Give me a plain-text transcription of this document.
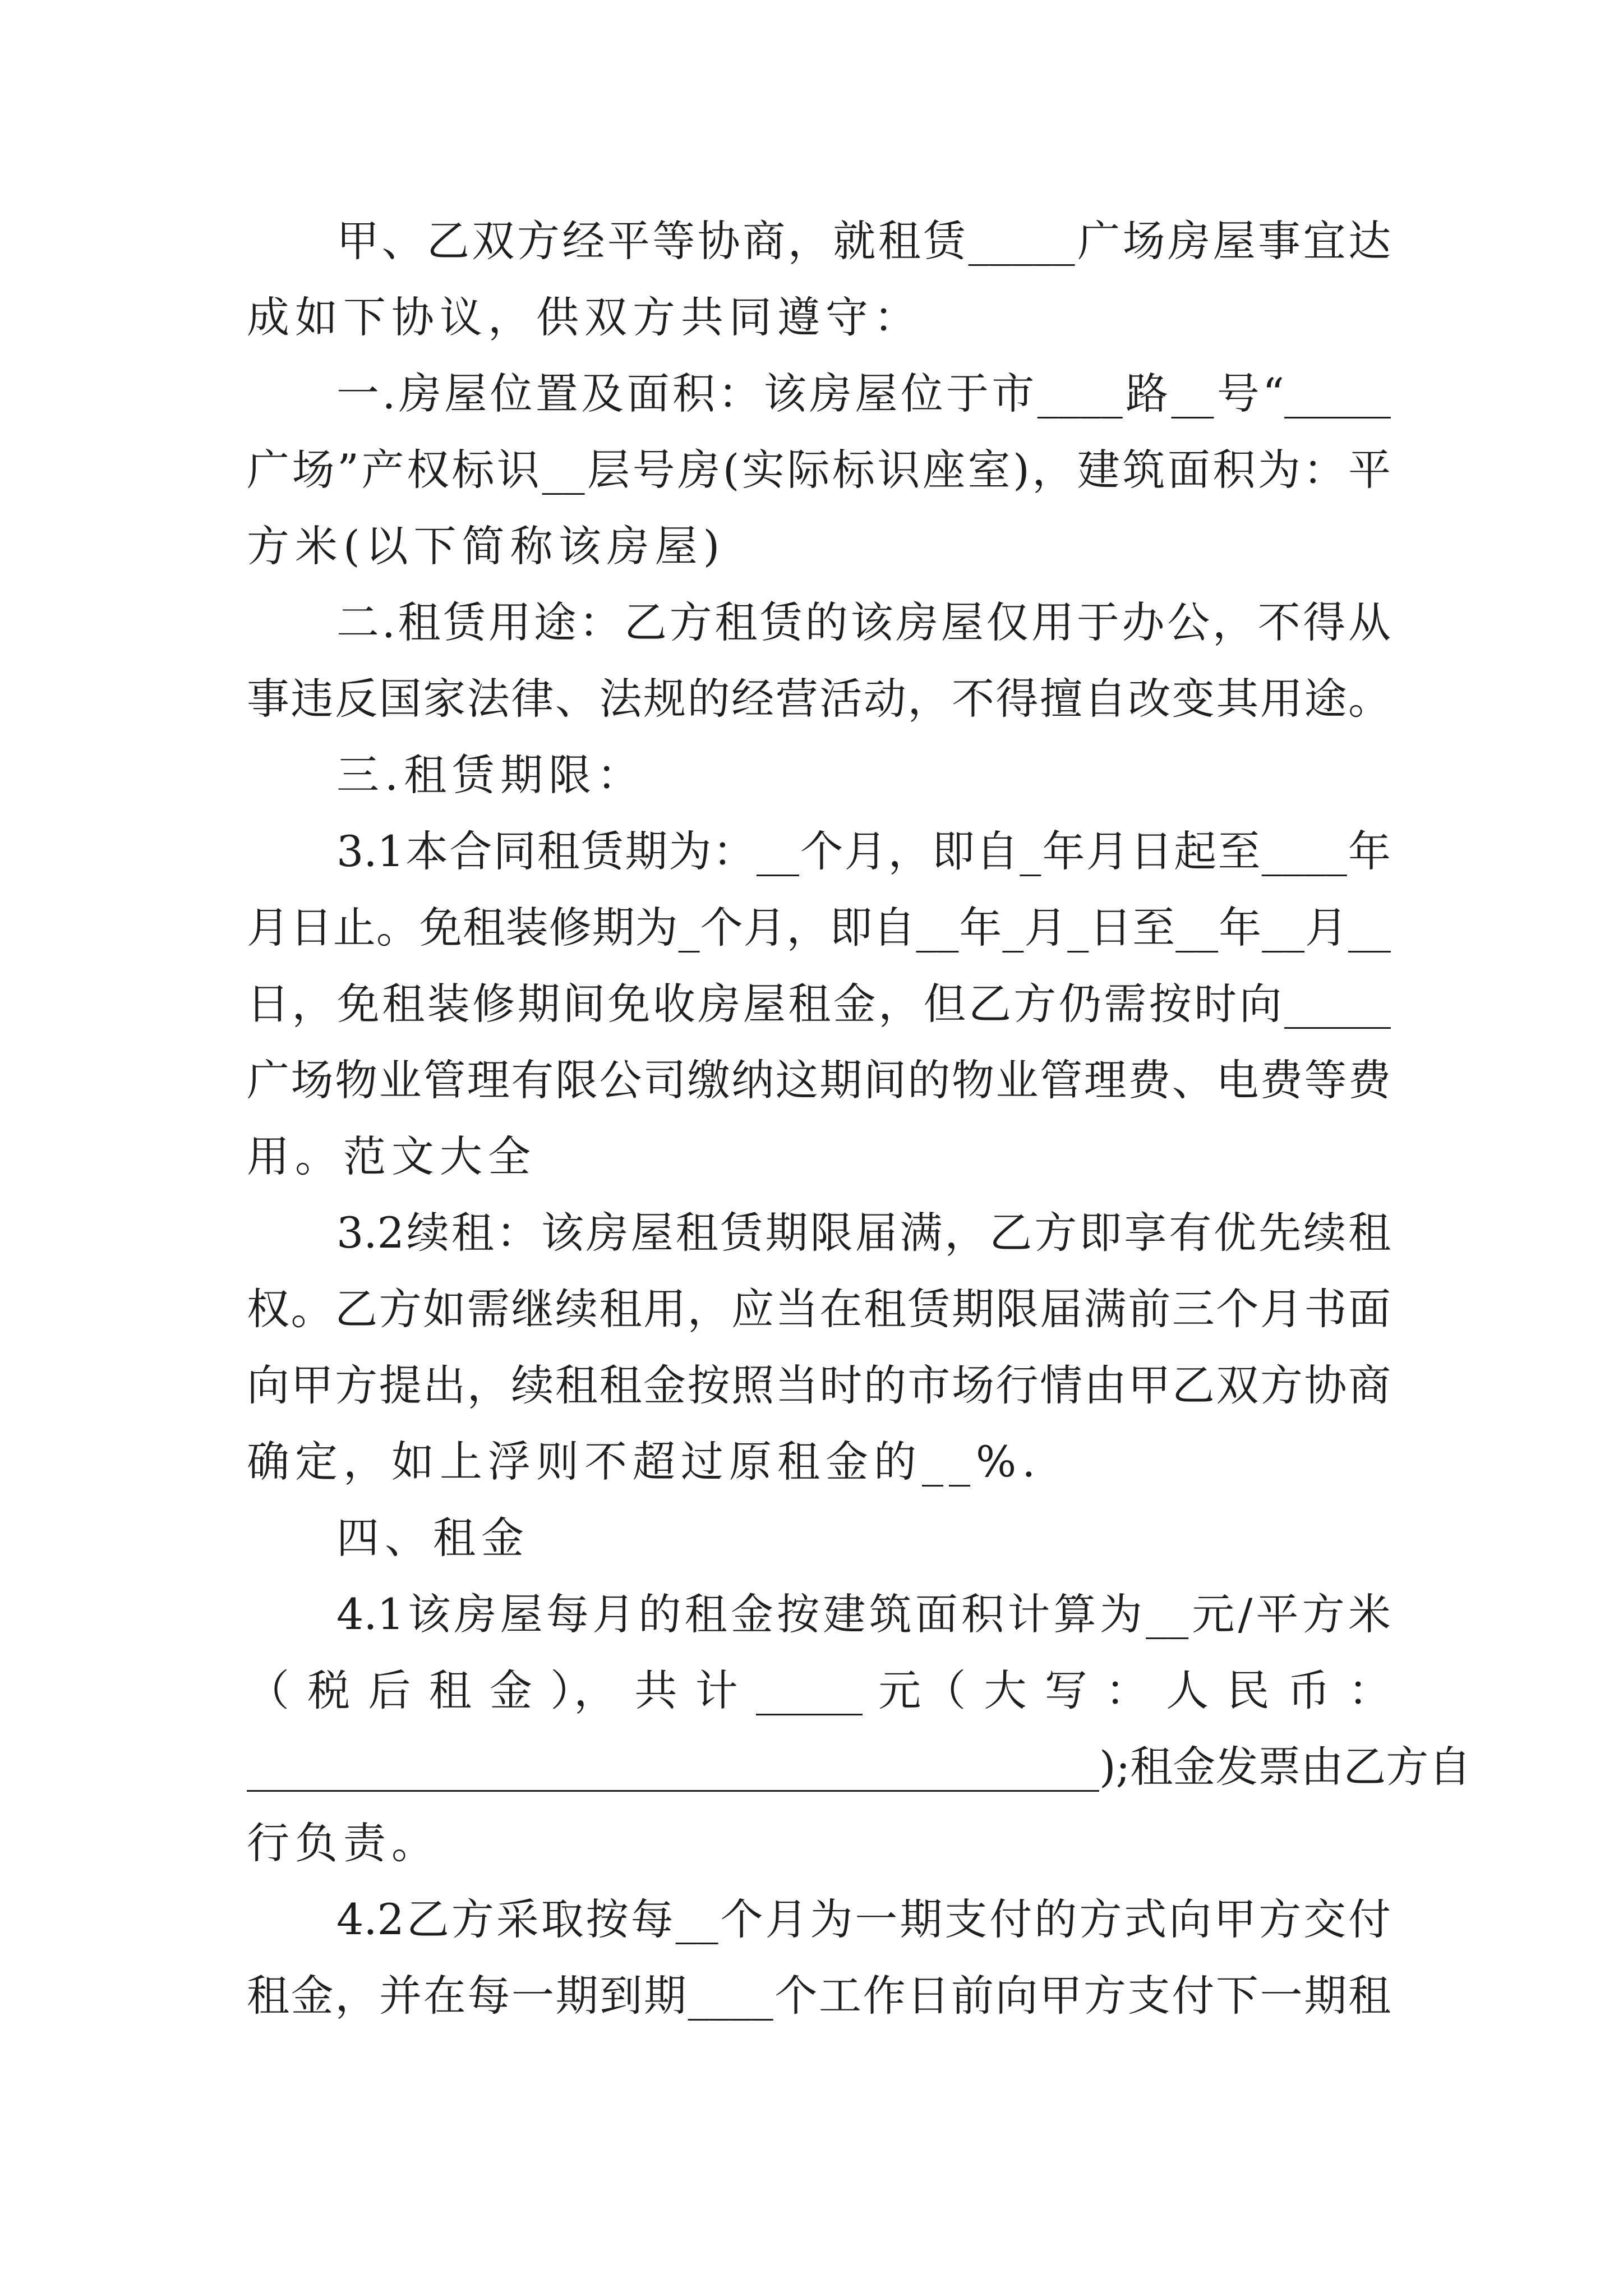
甲、乙双方经平等协商，就租赁_____广场房屋事宜达
成如下协议，供双方共同遵守：
一.房屋位置及面积：该房屋位于市____路__号“_____
广场”产权标识__层号房(实际标识座室)，建筑面积为：平
方米(以下简称该房屋)
二.租赁用途：乙方租赁的该房屋仅用于办公，不得从
事违反国家法律、法规的经营活动，不得擅自改变其用途。
三.租赁期限：
3.1本合同租赁期为：__个月，即自_年月日起至____年
月日止。免租装修期为_个月，即自__年_月_日至__年__月__
日，免租装修期间免收房屋租金，但乙方仍需按时向_____
广场物业管理有限公司缴纳这期间的物业管理费、电费等费
用。范文大全
3.2续租：该房屋租赁期限届满，乙方即享有优先续租
权。乙方如需继续租用，应当在租赁期限届满前三个月书面
向甲方提出，续租租金按照当时的市场行情由甲乙双方协商
确定，如上浮则不超过原租金的__%.
四、租金
4.1该房屋每月的租金按建筑面积计算为__元/平方米
（ 税 后 租 金 ）， 共 计 _____ 元（ 大 写 ： 人 民 币 ：
________________________________________);租金发票由乙方自
行负责。
4.2乙方采取按每__个月为一期支付的方式向甲方交付
租金，并在每一期到期____个工作日前向甲方支付下一期租
